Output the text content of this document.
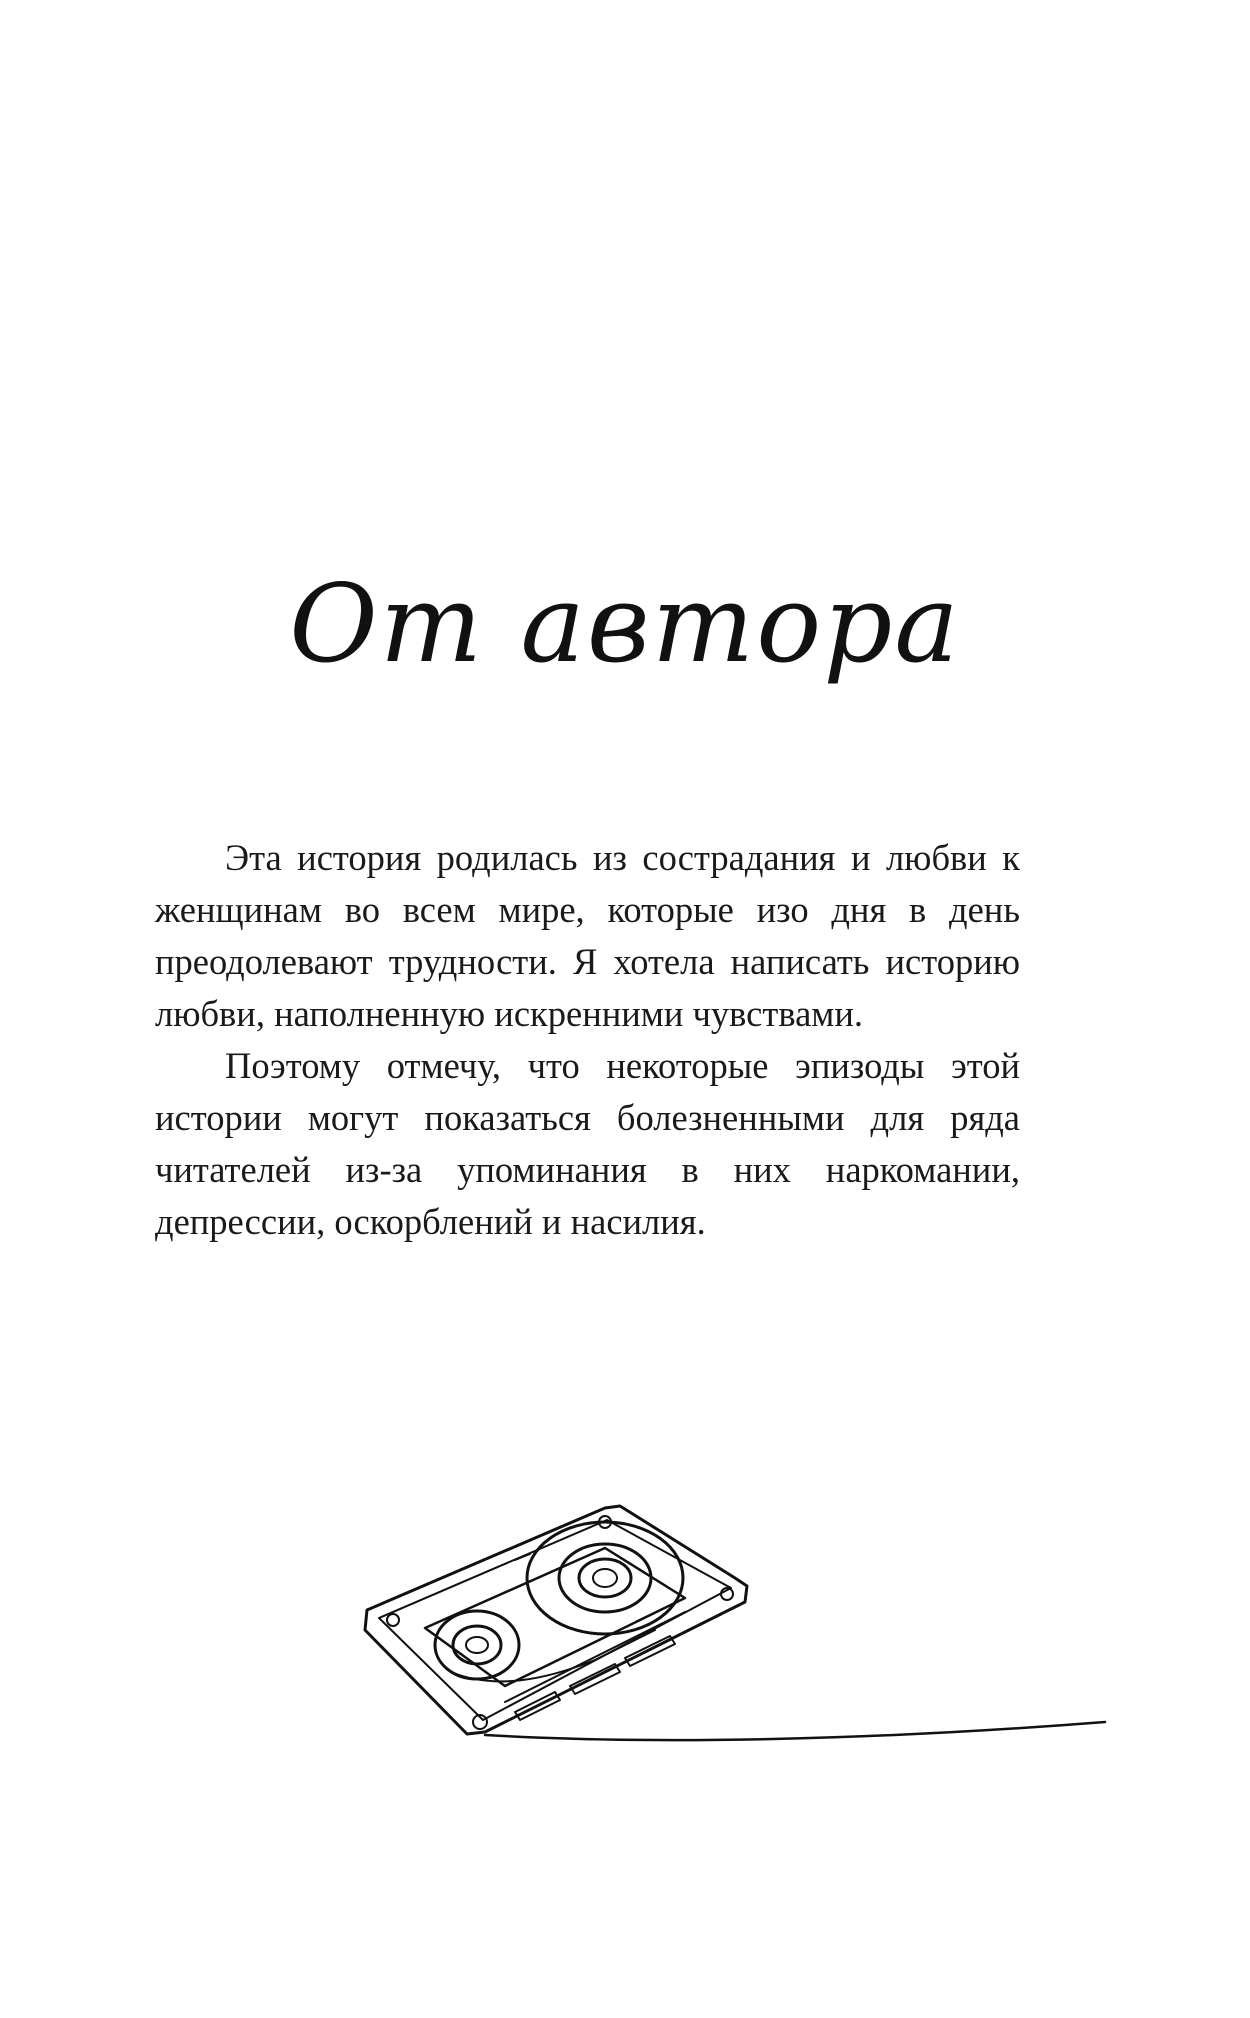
От автора

Эта история родилась из сострадания и любви к женщинам во всем мире, которые изо дня в день преодолевают трудности. Я хотела написать историю любви, наполненную искренними чувствами.

Поэтому отмечу, что некоторые эпизоды этой истории могут показаться болезненными для ряда читателей из-за упоминания в них наркомании, депрессии, оскорблений и насилия.
